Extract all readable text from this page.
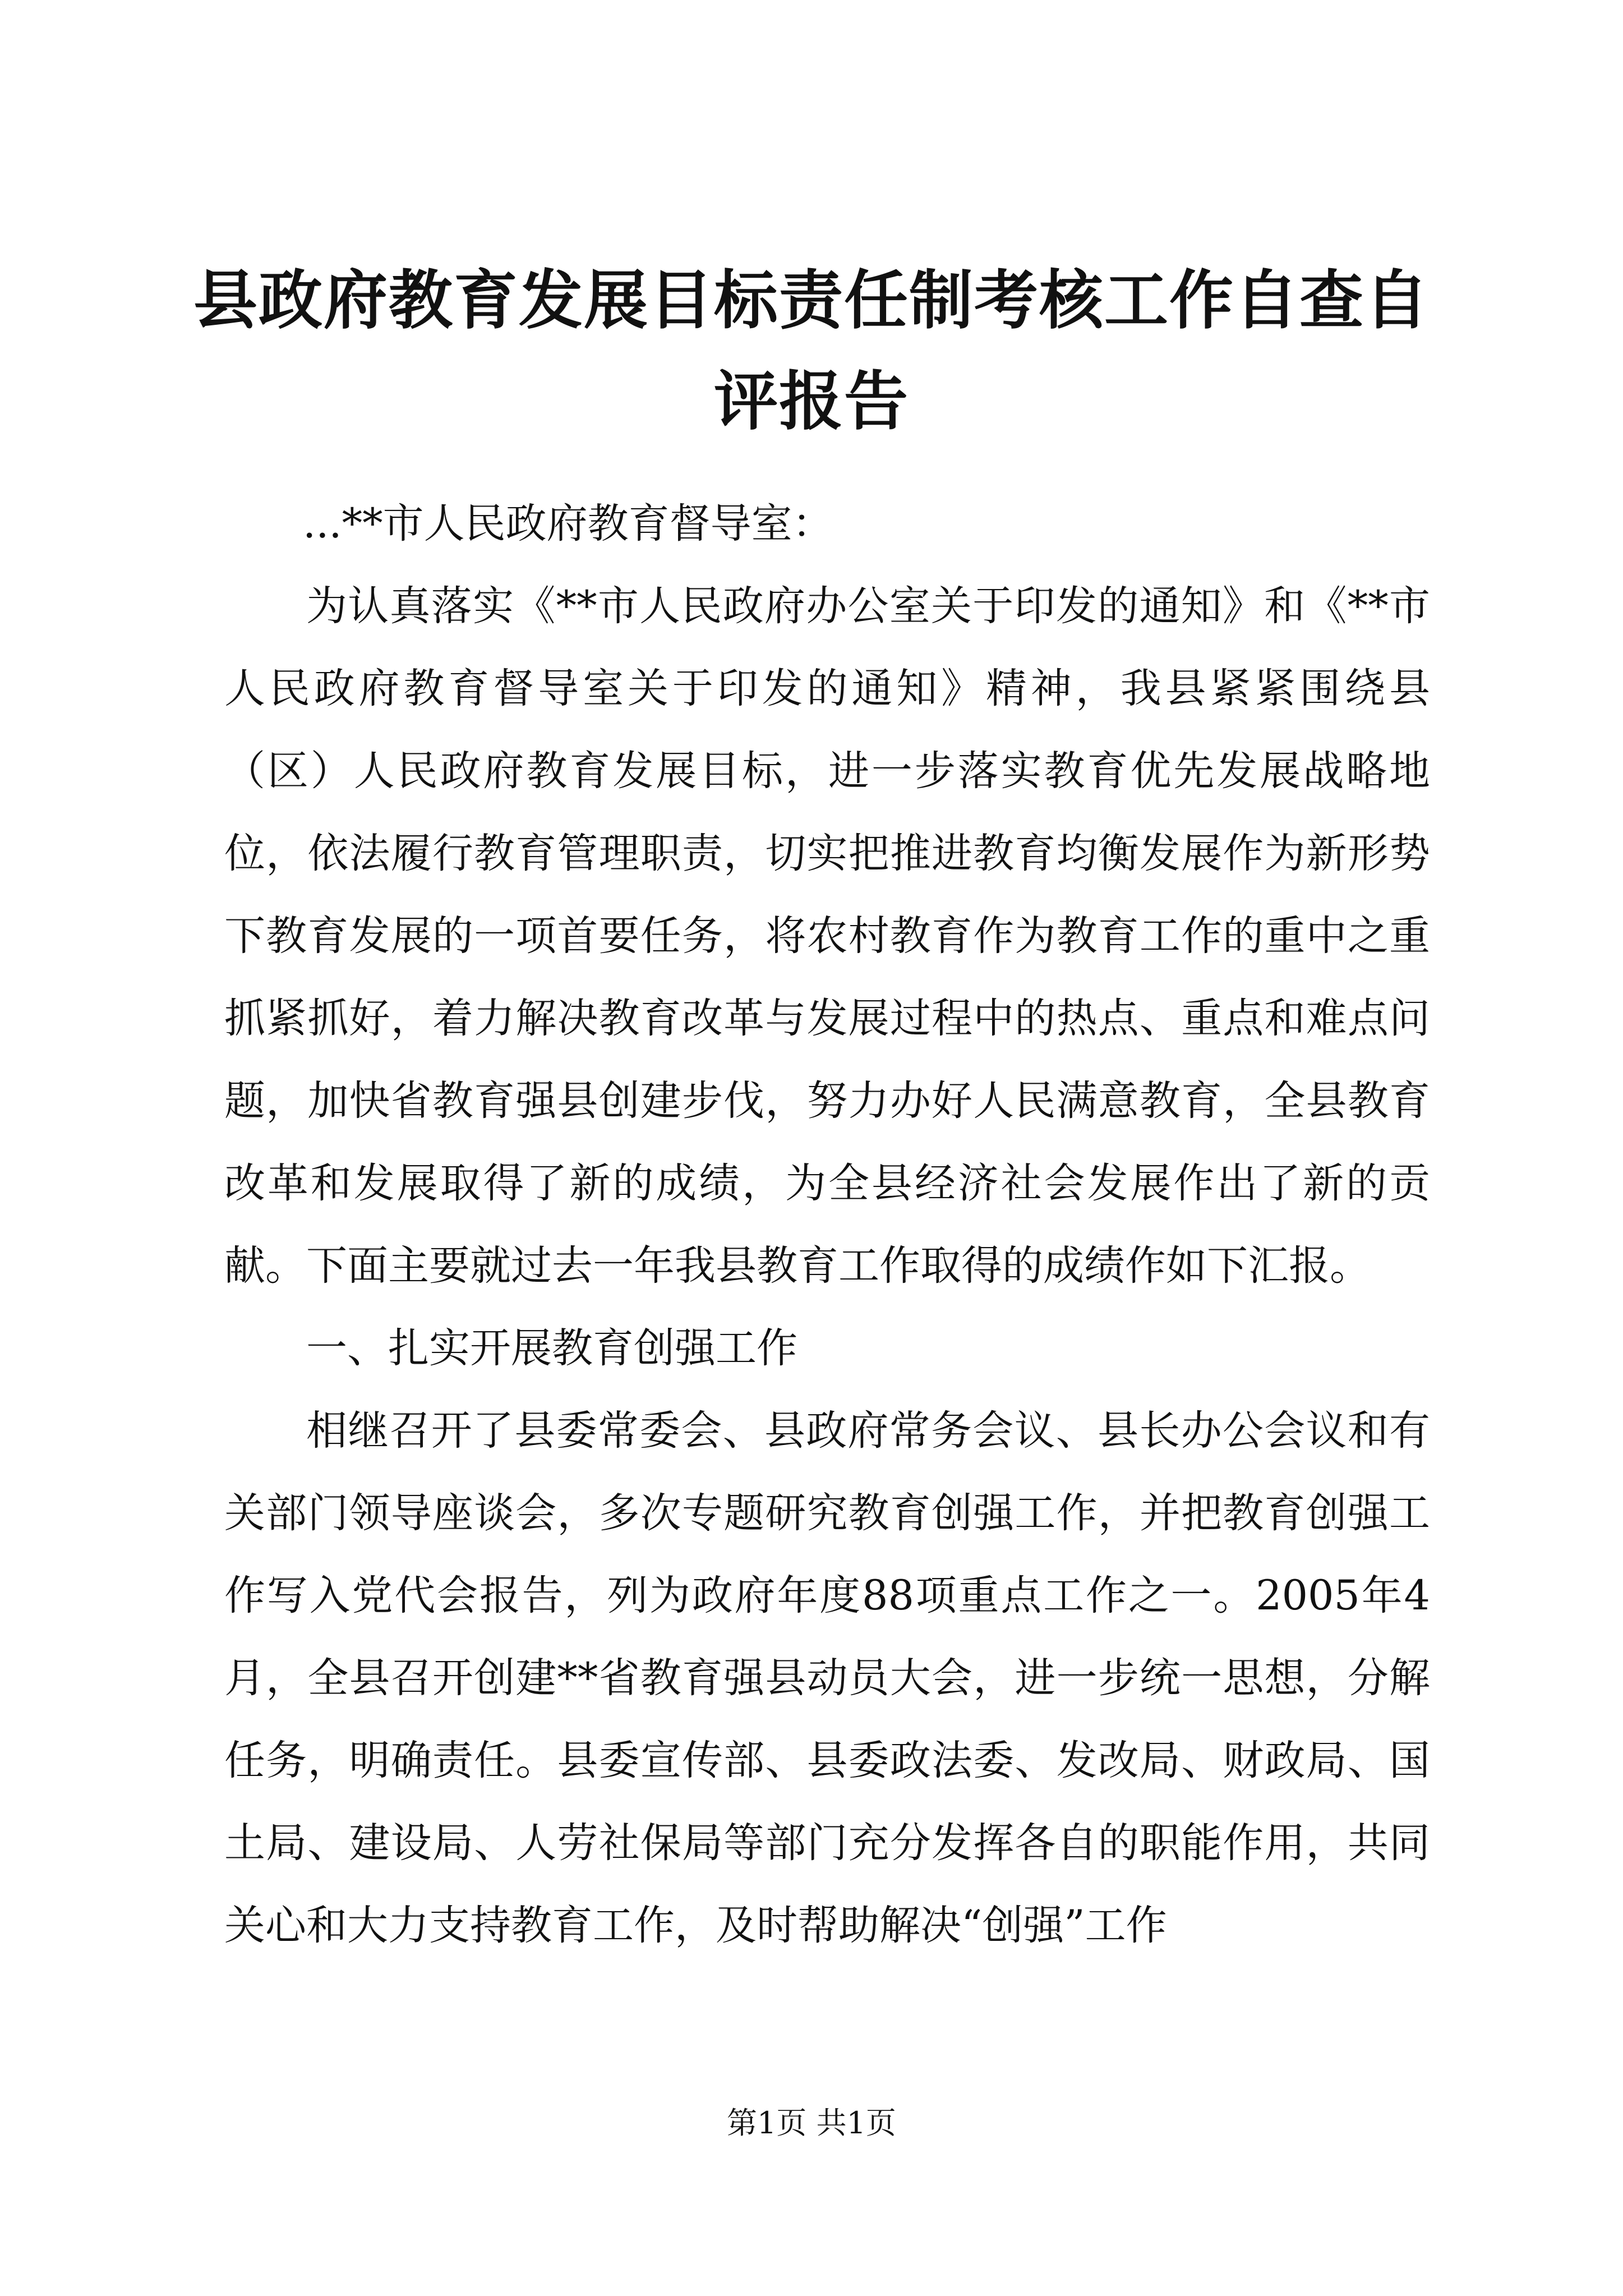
县政府教育发展目标责任制考核工作自查自评报告

...**市人民政府教育督导室：

为认真落实《**市人民政府办公室关于印发的通知》和《**市人民政府教育督导室关于印发的通知》精神，我县紧紧围绕县（区）人民政府教育发展目标，进一步落实教育优先发展战略地位，依法履行教育管理职责，切实把推进教育均衡发展作为新形势下教育发展的一项首要任务，将农村教育作为教育工作的重中之重抓紧抓好，着力解决教育改革与发展过程中的热点、重点和难点问题，加快省教育强县创建步伐，努力办好人民满意教育，全县教育改革和发展取得了新的成绩，为全县经济社会发展作出了新的贡献。下面主要就过去一年我县教育工作取得的成绩作如下汇报。

一、扎实开展教育创强工作

相继召开了县委常委会、县政府常务会议、县长办公会议和有关部门领导座谈会，多次专题研究教育创强工作，并把教育创强工作写入党代会报告，列为政府年度88项重点工作之一。2005年4月，全县召开创建**省教育强县动员大会，进一步统一思想，分解任务，明确责任。县委宣传部、县委政法委、发改局、财政局、国土局、建设局、人劳社保局等部门充分发挥各自的职能作用，共同关心和大力支持教育工作，及时帮助解决“创强”工作

第1页 共1页
